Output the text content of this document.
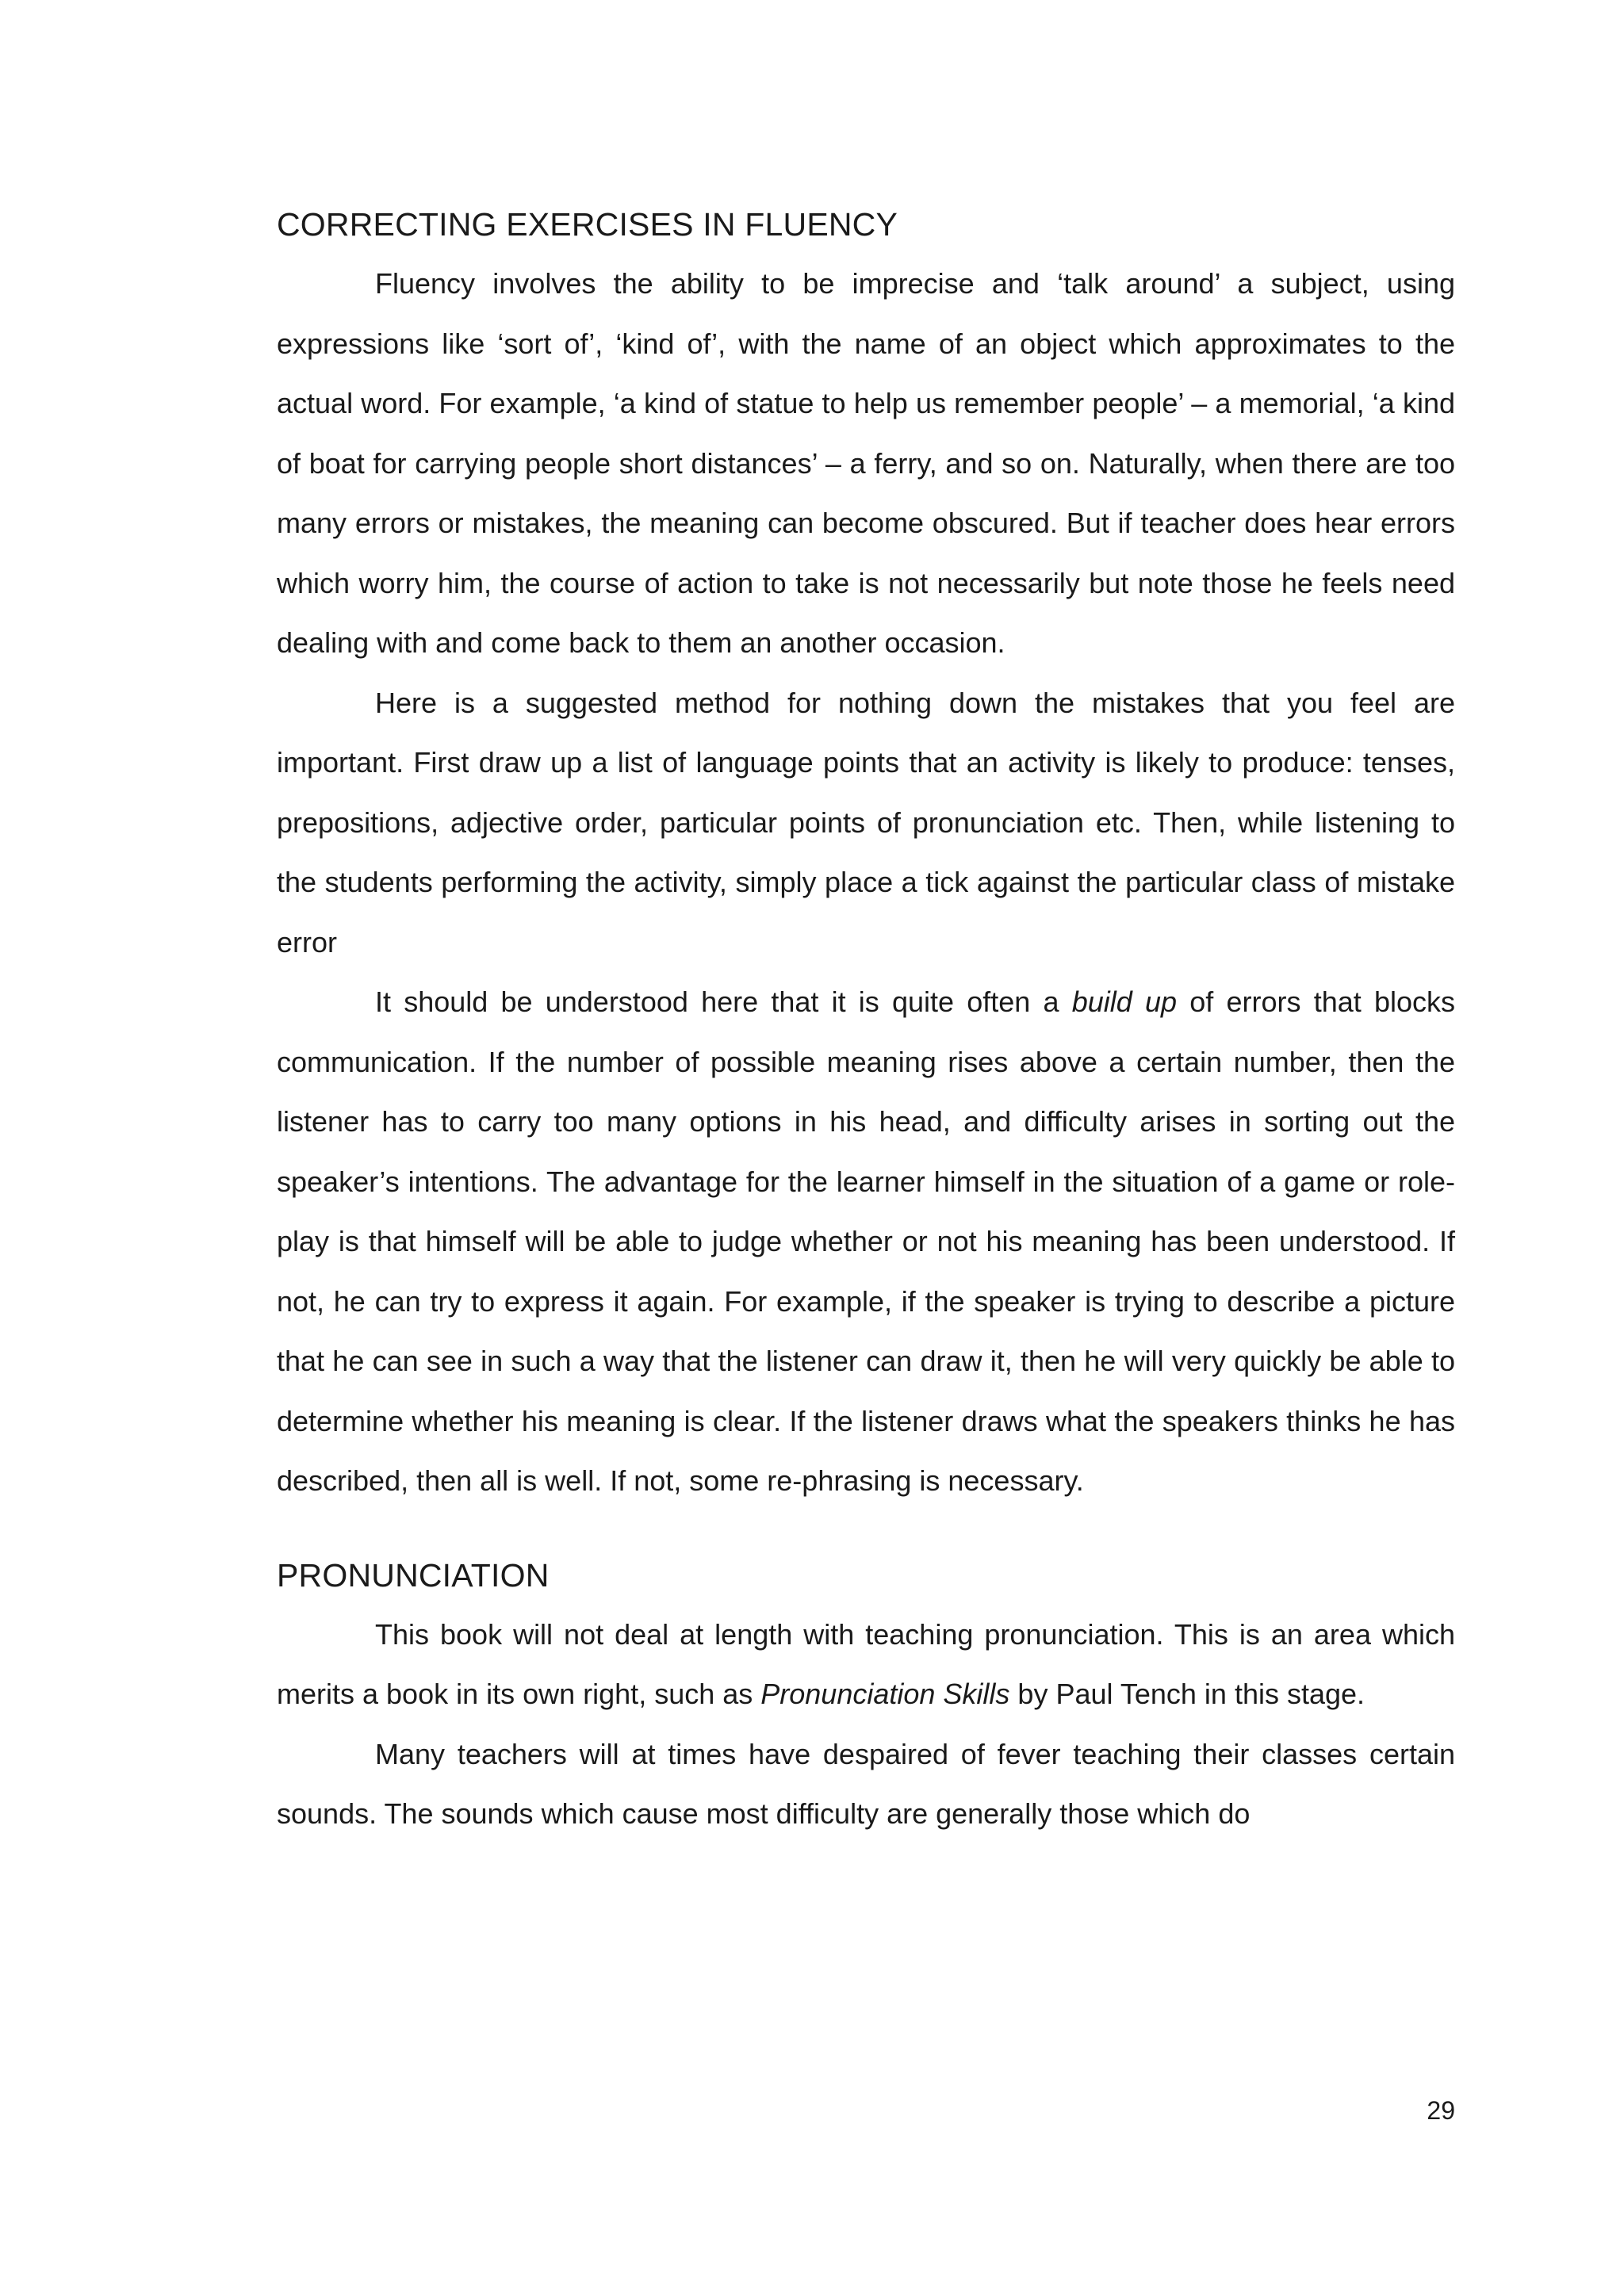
CORRECTING EXERCISES IN FLUENCY

Fluency involves the ability to be imprecise and ‘talk around’ a subject, using expressions like ‘sort of’, ‘kind of’, with the name of an object which approximates to the actual word. For example, ‘a kind of statue to help us remember people’ – a memorial, ‘a kind of boat for carrying people short distances’ – a ferry, and so on. Naturally, when there are too many errors or mistakes, the meaning can become obscured. But if teacher does hear errors which worry him, the course of action to take is not necessarily but note those he feels need dealing with and come back to them an another occasion.

Here is a suggested method for nothing down the mistakes that you feel are important. First draw up a list of language points that an activity is likely to produce: tenses, prepositions, adjective order, particular points of pronunciation etc. Then, while listening to the students performing the activity, simply place a tick against the particular class of mistake error

It should be understood here that it is quite often a build up of errors that blocks communication. If the number of possible meaning rises above a certain number, then the listener has to carry too many options in his head, and difficulty arises in sorting out the speaker’s intentions. The advantage for the learner himself in the situation of a game or role-play is that himself will be able to judge whether or not his meaning has been understood. If not, he can try to express it again. For example, if the speaker is trying to describe a picture that he can see in such a way that the listener can draw it, then he will very quickly be able to determine whether his meaning is clear. If the listener draws what the speakers thinks he has described, then all is well. If not, some re-phrasing is necessary.

PRONUNCIATION

This book will not deal at length with teaching pronunciation. This is an area which merits a book in its own right, such as Pronunciation Skills by Paul Tench in this stage.

Many teachers will at times have despaired of fever teaching their classes certain sounds. The sounds which cause most difficulty are generally those which do

29
